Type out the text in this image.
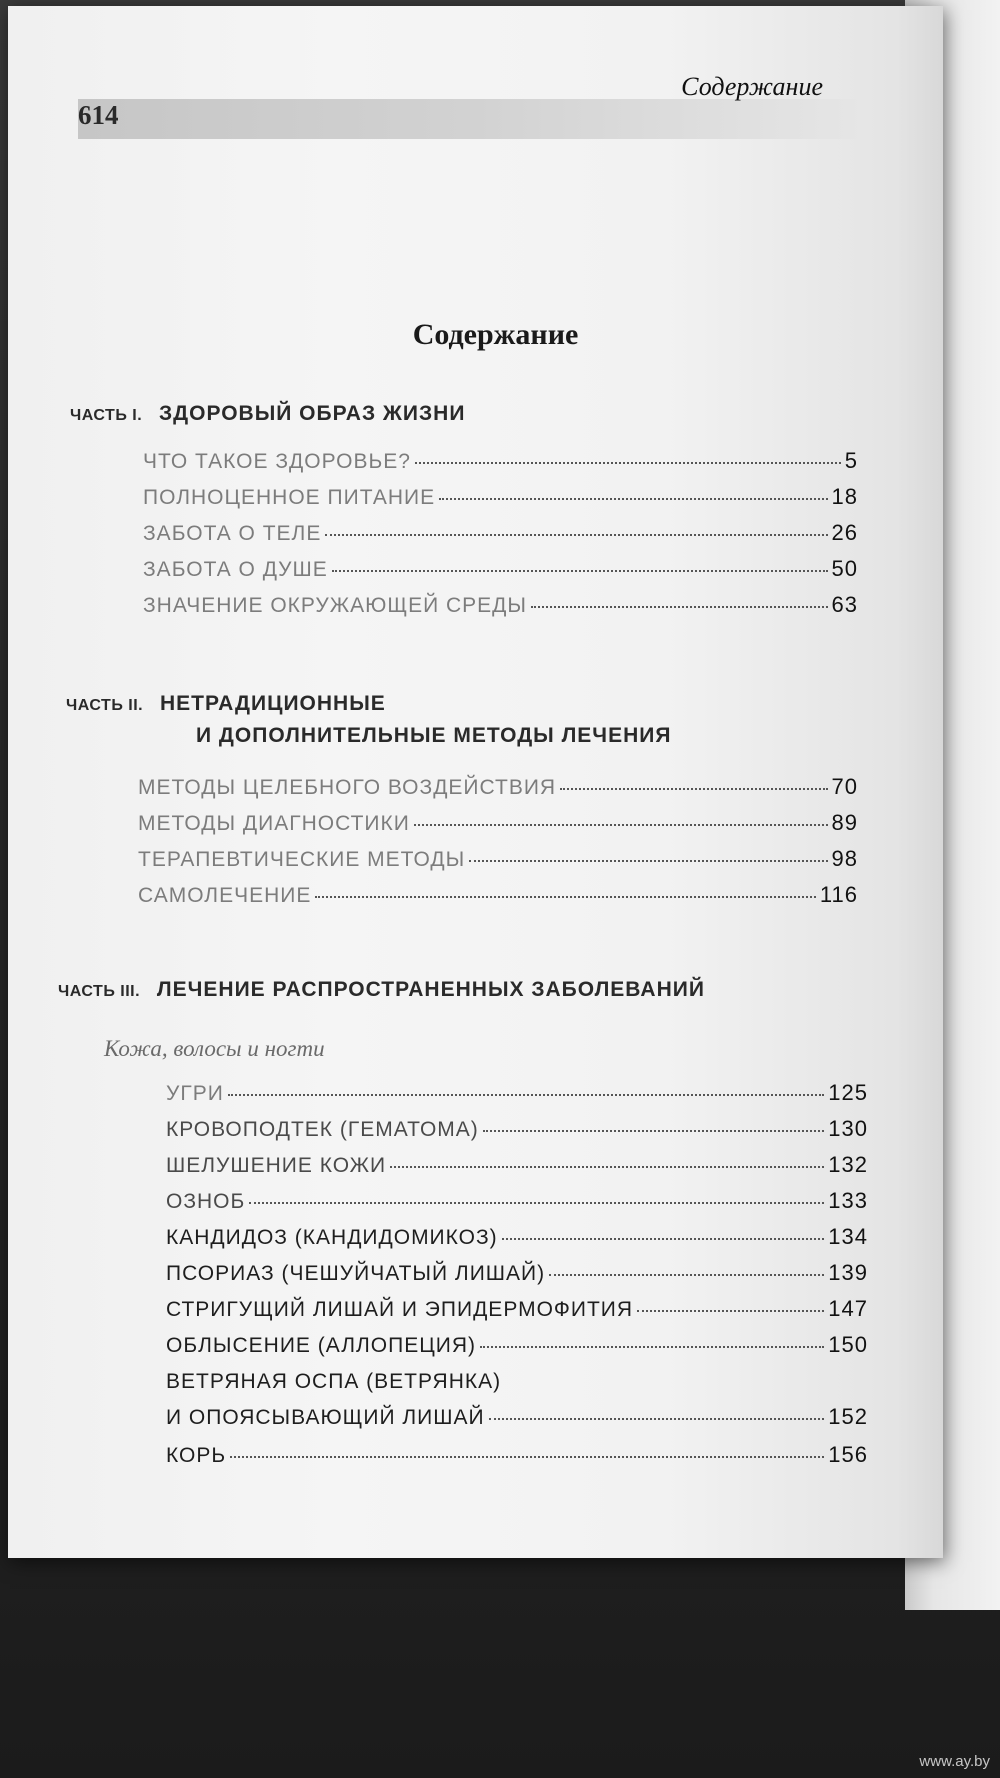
614
Содержание
Содержание
ЧАСТЬ I. ЗДОРОВЫЙ ОБРАЗ ЖИЗНИ
ЧТО ТАКОЕ ЗДОРОВЬЕ?	5
ПОЛНОЦЕННОЕ ПИТАНИЕ	18
ЗАБОТА О ТЕЛЕ	26
ЗАБОТА О ДУШЕ	50
ЗНАЧЕНИЕ ОКРУЖАЮЩЕЙ СРЕДЫ	63
ЧАСТЬ II. НЕТРАДИЦИОННЫЕ
И ДОПОЛНИТЕЛЬНЫЕ МЕТОДЫ ЛЕЧЕНИЯ
МЕТОДЫ ЦЕЛЕБНОГО ВОЗДЕЙСТВИЯ	70
МЕТОДЫ ДИАГНОСТИКИ	89
ТЕРАПЕВТИЧЕСКИЕ МЕТОДЫ	98
САМОЛЕЧЕНИЕ	116
ЧАСТЬ III. ЛЕЧЕНИЕ РАСПРОСТРАНЕННЫХ ЗАБОЛЕВАНИЙ
Кожа, волосы и ногти
УГРИ	125
КРОВОПОДТЕК (ГЕМАТОМА)	130
ШЕЛУШЕНИЕ КОЖИ	132
ОЗНОБ	133
КАНДИДОЗ (КАНДИДОМИКОЗ)	134
ПСОРИАЗ (ЧЕШУЙЧАТЫЙ ЛИШАЙ)	139
СТРИГУЩИЙ ЛИШАЙ И ЭПИДЕРМОФИТИЯ	147
ОБЛЫСЕНИЕ (АЛЛОПЕЦИЯ)	150
ВЕТРЯНАЯ ОСПА (ВЕТРЯНКА)
И ОПОЯСЫВАЮЩИЙ ЛИШАЙ	152
КОРЬ	156
www.ay.by
